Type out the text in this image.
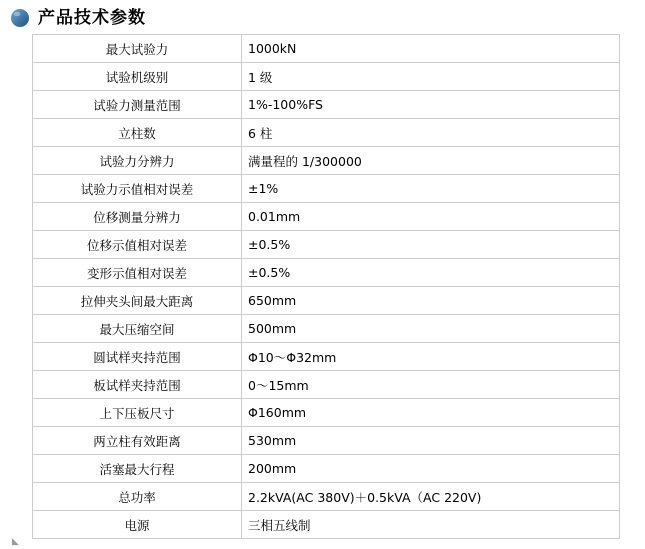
产品技术参数
最大试验力	1000kN
试验机级别	1 级
试验力测量范围	1%-100%FS
立柱数	6 柱
试验力分辨力	满量程的 1/300000
试验力示值相对误差	±1%
位移测量分辨力	0.01mm
位移示值相对误差	±0.5%
变形示值相对误差	±0.5%
拉伸夹头间最大距离	650mm
最大压缩空间	500mm
圆试样夹持范围	Φ10～Φ32mm
板试样夹持范围	0～15mm
上下压板尺寸	Φ160mm
两立柱有效距离	530mm
活塞最大行程	200mm
总功率	2.2kVA(AC 380V)＋0.5kVA（AC 220V)
电源	三相五线制
◣
